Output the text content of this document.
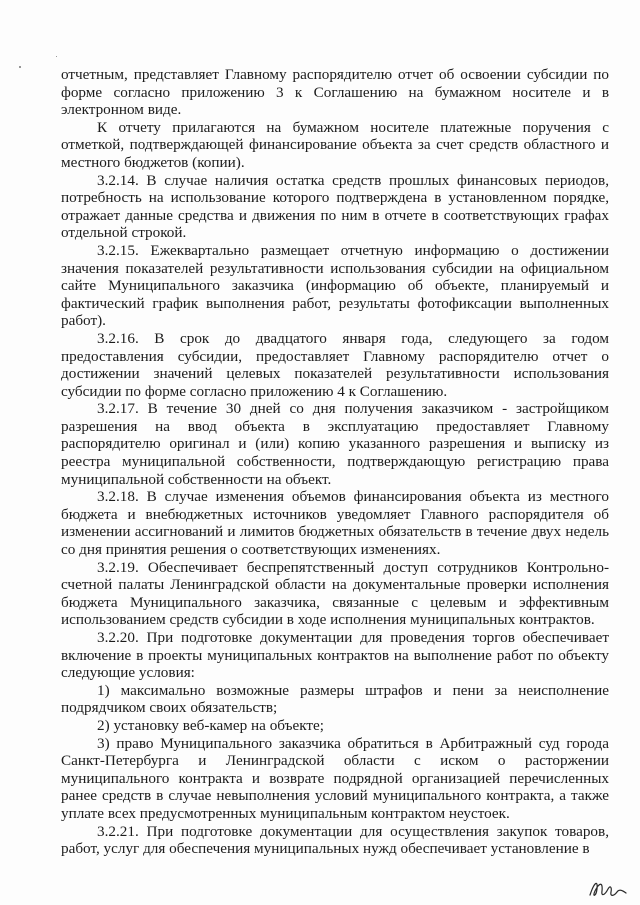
отчетным, представляет Главному распорядителю отчет об освоении субсидии по форме согласно приложению 3 к Соглашению на бумажном носителе и в электронном виде.

К отчету прилагаются на бумажном носителе платежные поручения с отметкой, подтверждающей финансирование объекта за счет средств областного и местного бюджетов (копии).

3.2.14. В случае наличия остатка средств прошлых финансовых периодов, потребность на использование которого подтверждена в установленном порядке, отражает данные средства и движения по ним в отчете в соответствующих графах отдельной строкой.

3.2.15. Ежеквартально размещает отчетную информацию о достижении значения показателей результативности использования субсидии на официальном сайте Муниципального заказчика (информацию об объекте, планируемый и фактический график выполнения работ, результаты фотофиксации выполненных работ).

3.2.16. В срок до двадцатого января года, следующего за годом предоставления субсидии, предоставляет Главному распорядителю отчет о достижении значений целевых показателей результативности использования субсидии по форме согласно приложению 4 к Соглашению.

3.2.17. В течение 30 дней со дня получения заказчиком - застройщиком разрешения на ввод объекта в эксплуатацию предоставляет Главному распорядителю оригинал и (или) копию указанного разрешения и выписку из реестра муниципальной собственности, подтверждающую регистрацию права муниципальной собственности на объект.

3.2.18. В случае изменения объемов финансирования объекта из местного бюджета и внебюджетных источников уведомляет Главного распорядителя об изменении ассигнований и лимитов бюджетных обязательств в течение двух недель со дня принятия решения о соответствующих изменениях.

3.2.19. Обеспечивает беспрепятственный доступ сотрудников Контрольно-счетной палаты Ленинградской области на документальные проверки исполнения бюджета Муниципального заказчика, связанные с целевым и эффективным использованием средств субсидии в ходе исполнения муниципальных контрактов.

3.2.20. При подготовке документации для проведения торгов обеспечивает включение в проекты муниципальных контрактов на выполнение работ по объекту следующие условия:

1) максимально возможные размеры штрафов и пени за неисполнение подрядчиком своих обязательств;

2) установку веб-камер на объекте;

3) право Муниципального заказчика обратиться в Арбитражный суд города Санкт-Петербурга и Ленинградской области с иском о расторжении муниципального контракта и возврате подрядной организацией перечисленных ранее средств в случае невыполнения условий муниципального контракта, а также уплате всех предусмотренных муниципальным контрактом неустоек.

3.2.21. При подготовке документации для осуществления закупок товаров, работ, услуг для обеспечения муниципальных нужд обеспечивает установление в
